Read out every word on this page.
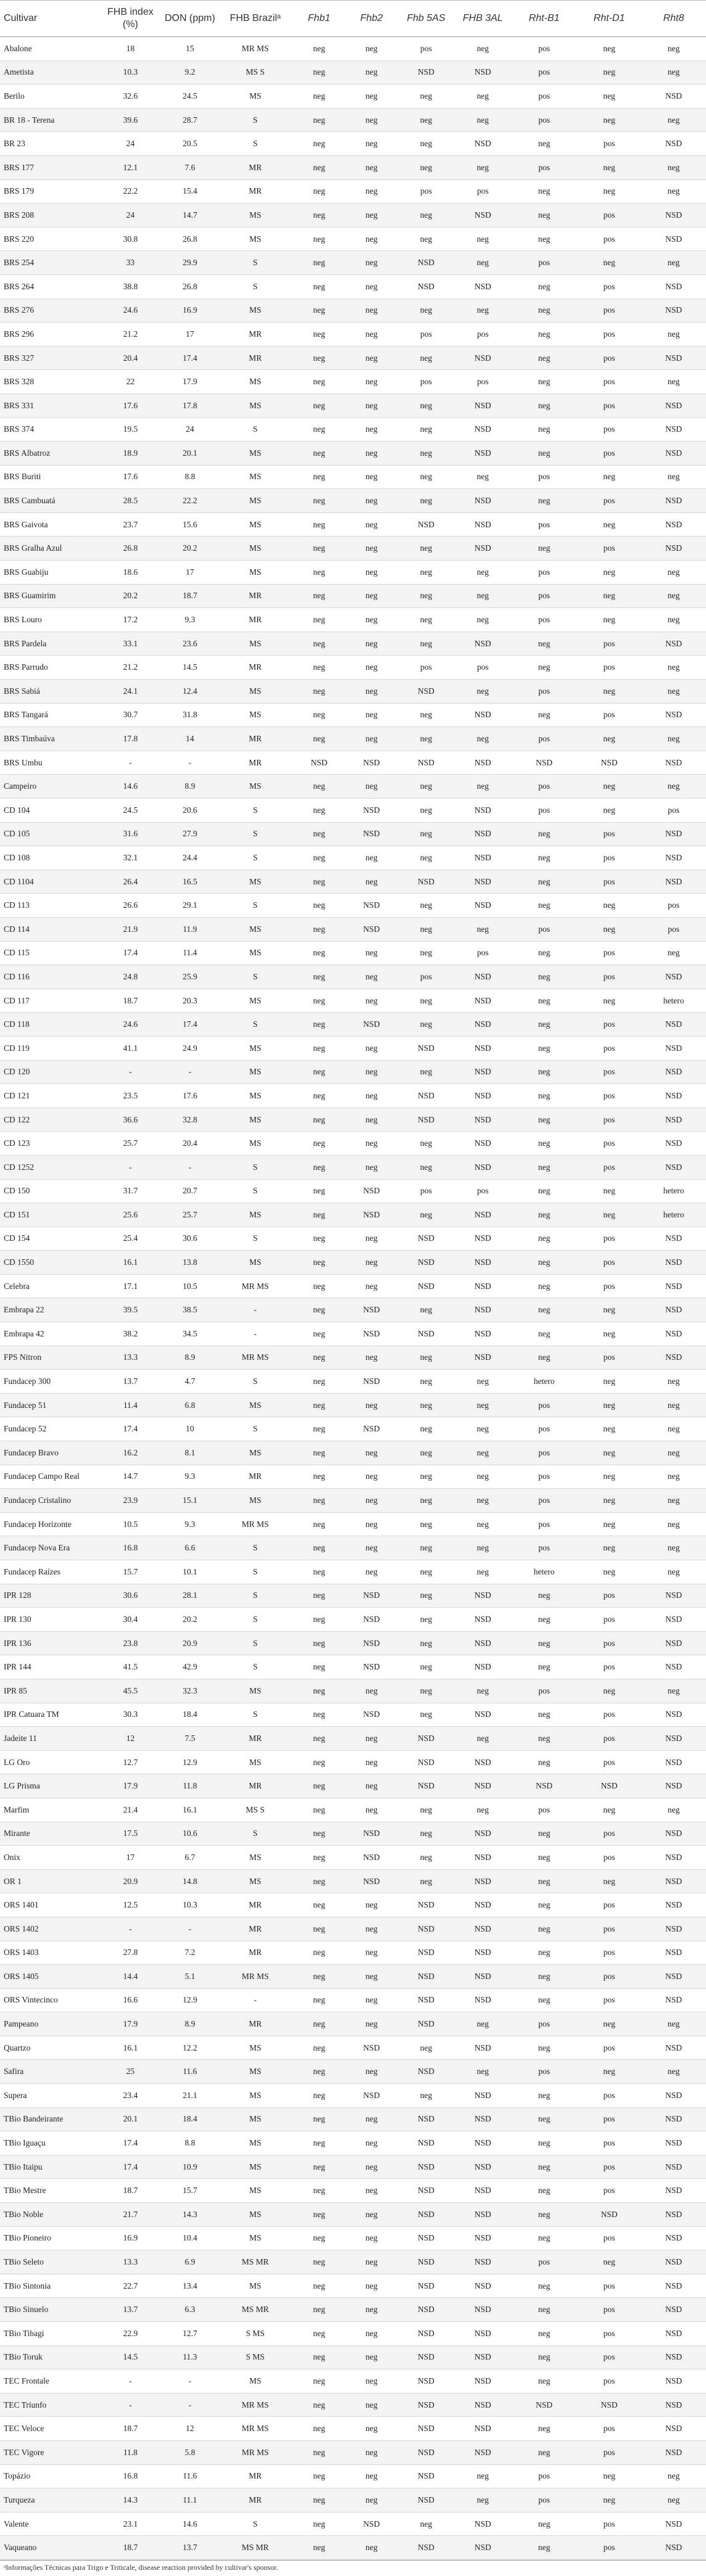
Cultivar	FHB index (%)	DON (ppm)	FHB Brazilᵃ	Fhb1	Fhb2	Fhb 5AS	FHB 3AL	Rht-B1	Rht-D1	Rht8
Abalone	18	15	MR MS	neg	neg	pos	neg	pos	neg	neg
Ametista	10.3	9.2	MS S	neg	neg	NSD	NSD	pos	neg	neg
Berilo	32.6	24.5	MS	neg	neg	neg	neg	pos	neg	NSD
BR 18 - Terena	39.6	28.7	S	neg	neg	neg	neg	pos	neg	neg
BR 23	24	20.5	S	neg	neg	neg	NSD	neg	pos	NSD
BRS 177	12.1	7.6	MR	neg	neg	neg	neg	pos	neg	neg
BRS 179	22.2	15.4	MR	neg	neg	pos	pos	neg	neg	neg
BRS 208	24	14.7	MS	neg	neg	neg	NSD	neg	pos	NSD
BRS 220	30.8	26.8	MS	neg	neg	neg	neg	neg	pos	NSD
BRS 254	33	29.9	S	neg	neg	NSD	neg	pos	neg	neg
BRS 264	38.8	26.8	S	neg	neg	NSD	NSD	neg	pos	NSD
BRS 276	24.6	16.9	MS	neg	neg	neg	neg	neg	pos	NSD
BRS 296	21.2	17	MR	neg	neg	pos	pos	neg	pos	neg
BRS 327	20.4	17.4	MR	neg	neg	neg	NSD	neg	pos	NSD
BRS 328	22	17.9	MS	neg	neg	pos	pos	neg	pos	neg
BRS 331	17.6	17.8	MS	neg	neg	neg	NSD	neg	pos	NSD
BRS 374	19.5	24	S	neg	neg	neg	NSD	neg	pos	NSD
BRS Albatroz	18.9	20.1	MS	neg	neg	neg	NSD	neg	pos	NSD
BRS Buriti	17.6	8.8	MS	neg	neg	neg	neg	pos	neg	neg
BRS Cambuatá	28.5	22.2	MS	neg	neg	neg	NSD	neg	pos	NSD
BRS Gaivota	23.7	15.6	MS	neg	neg	NSD	NSD	pos	neg	NSD
BRS Gralha Azul	26.8	20.2	MS	neg	neg	neg	NSD	neg	pos	NSD
BRS Guabiju	18.6	17	MS	neg	neg	neg	neg	pos	neg	neg
BRS Guamirim	20.2	18.7	MR	neg	neg	neg	neg	pos	neg	neg
BRS Louro	17.2	9.3	MR	neg	neg	neg	neg	pos	neg	neg
BRS Pardela	33.1	23.6	MS	neg	neg	neg	NSD	neg	pos	NSD
BRS Parrudo	21.2	14.5	MR	neg	neg	pos	pos	neg	pos	neg
BRS Sabiá	24.1	12.4	MS	neg	neg	NSD	neg	pos	neg	neg
BRS Tangará	30.7	31.8	MS	neg	neg	neg	NSD	neg	pos	NSD
BRS Timbaúva	17.8	14	MR	neg	neg	neg	neg	pos	neg	neg
BRS Umbu	-	-	MR	NSD	NSD	NSD	NSD	NSD	NSD	NSD
Campeiro	14.6	8.9	MS	neg	neg	neg	neg	pos	neg	neg
CD 104	24.5	20.6	S	neg	NSD	neg	NSD	pos	neg	pos
CD 105	31.6	27.9	S	neg	NSD	neg	NSD	neg	pos	NSD
CD 108	32.1	24.4	S	neg	neg	neg	NSD	neg	pos	NSD
CD 1104	26.4	16.5	MS	neg	neg	NSD	NSD	neg	pos	NSD
CD 113	26.6	29.1	S	neg	NSD	neg	NSD	neg	neg	pos
CD 114	21.9	11.9	MS	neg	NSD	neg	neg	pos	neg	pos
CD 115	17.4	11.4	MS	neg	neg	neg	pos	neg	pos	neg
CD 116	24.8	25.9	S	neg	neg	pos	NSD	neg	pos	NSD
CD 117	18.7	20.3	MS	neg	neg	neg	NSD	neg	neg	hetero
CD 118	24.6	17.4	S	neg	NSD	neg	NSD	neg	pos	NSD
CD 119	41.1	24.9	MS	neg	neg	NSD	NSD	neg	pos	NSD
CD 120	-	-	MS	neg	neg	neg	NSD	neg	pos	NSD
CD 121	23.5	17.6	MS	neg	neg	NSD	NSD	neg	pos	NSD
CD 122	36.6	32.8	MS	neg	neg	NSD	NSD	neg	pos	NSD
CD 123	25.7	20.4	MS	neg	neg	neg	NSD	neg	pos	NSD
CD 1252	-	-	S	neg	neg	neg	NSD	neg	pos	NSD
CD 150	31.7	20.7	S	neg	NSD	pos	pos	neg	neg	hetero
CD 151	25.6	25.7	MS	neg	NSD	neg	NSD	neg	neg	hetero
CD 154	25.4	30.6	S	neg	neg	NSD	NSD	neg	pos	NSD
CD 1550	16.1	13.8	MS	neg	neg	NSD	NSD	neg	pos	NSD
Celebra	17.1	10.5	MR MS	neg	neg	NSD	NSD	neg	pos	NSD
Embrapa 22	39.5	38.5	-	neg	NSD	neg	NSD	neg	neg	NSD
Embrapa 42	38.2	34.5	-	neg	NSD	NSD	NSD	neg	neg	NSD
FPS Nitron	13.3	8.9	MR MS	neg	neg	neg	NSD	neg	pos	NSD
Fundacep 300	13.7	4.7	S	neg	NSD	neg	neg	hetero	neg	neg
Fundacep 51	11.4	6.8	MS	neg	neg	neg	neg	pos	neg	neg
Fundacep 52	17.4	10	S	neg	NSD	neg	neg	pos	neg	neg
Fundacep Bravo	16.2	8.1	MS	neg	neg	neg	neg	pos	neg	neg
Fundacep Campo Real	14.7	9.3	MR	neg	neg	neg	neg	pos	neg	neg
Fundacep Cristalino	23.9	15.1	MS	neg	neg	neg	neg	pos	neg	neg
Fundacep Horizonte	10.5	9.3	MR MS	neg	neg	neg	neg	pos	neg	neg
Fundacep Nova Era	16.8	6.6	S	neg	neg	neg	neg	pos	neg	neg
Fundacep Raízes	15.7	10.1	S	neg	neg	neg	neg	hetero	neg	neg
IPR 128	30.6	28.1	S	neg	NSD	neg	NSD	neg	pos	NSD
IPR 130	30.4	20.2	S	neg	NSD	neg	NSD	neg	pos	NSD
IPR 136	23.8	20.9	S	neg	NSD	neg	NSD	neg	pos	NSD
IPR 144	41.5	42.9	S	neg	NSD	neg	NSD	neg	pos	NSD
IPR 85	45.5	32.3	MS	neg	neg	neg	neg	pos	neg	neg
IPR Catuara TM	30.3	18.4	S	neg	NSD	neg	NSD	neg	pos	NSD
Jadeite 11	12	7.5	MR	neg	neg	NSD	neg	neg	pos	NSD
LG Oro	12.7	12.9	MS	neg	neg	NSD	NSD	neg	pos	NSD
LG Prisma	17.9	11.8	MR	neg	neg	NSD	NSD	NSD	NSD	NSD
Marfim	21.4	16.1	MS S	neg	neg	neg	neg	pos	neg	neg
Mirante	17.5	10.6	S	neg	NSD	neg	NSD	neg	pos	NSD
Onix	17	6.7	MS	neg	NSD	neg	NSD	neg	pos	NSD
OR 1	20.9	14.8	MS	neg	NSD	neg	NSD	neg	neg	NSD
ORS 1401	12.5	10.3	MR	neg	neg	NSD	NSD	neg	pos	NSD
ORS 1402	-	-	MR	neg	neg	NSD	NSD	neg	pos	NSD
ORS 1403	27.8	7.2	MR	neg	neg	NSD	NSD	neg	pos	NSD
ORS 1405	14.4	5.1	MR MS	neg	neg	NSD	NSD	neg	pos	NSD
ORS Vintecinco	16.6	12.9	-	neg	neg	NSD	NSD	neg	pos	NSD
Pampeano	17.9	8.9	MR	neg	neg	NSD	neg	pos	neg	neg
Quartzo	16.1	12.2	MS	neg	NSD	neg	NSD	neg	pos	NSD
Safira	25	11.6	MS	neg	neg	NSD	neg	pos	neg	neg
Supera	23.4	21.1	MS	neg	NSD	neg	NSD	neg	pos	NSD
TBio Bandeirante	20.1	18.4	MS	neg	neg	NSD	NSD	neg	pos	NSD
TBio Iguaçu	17.4	8.8	MS	neg	neg	NSD	NSD	neg	pos	NSD
TBio Itaipu	17.4	10.9	MS	neg	neg	NSD	NSD	neg	pos	NSD
TBio Mestre	18.7	15.7	MS	neg	neg	NSD	NSD	neg	pos	NSD
TBio Noble	21.7	14.3	MS	neg	neg	NSD	NSD	neg	NSD	NSD
TBio Pioneiro	16.9	10.4	MS	neg	neg	NSD	NSD	neg	pos	NSD
TBio Seleto	13.3	6.9	MS MR	neg	neg	NSD	NSD	pos	neg	NSD
TBio Sintonia	22.7	13.4	MS	neg	neg	NSD	NSD	neg	pos	NSD
TBio Sinuelo	13.7	6.3	MS MR	neg	neg	NSD	NSD	neg	pos	NSD
TBio Tibagi	22.9	12.7	S MS	neg	neg	NSD	NSD	neg	pos	NSD
TBio Toruk	14.5	11.3	S MS	neg	neg	NSD	NSD	neg	pos	NSD
TEC Frontale	-	-	MS	neg	neg	NSD	NSD	neg	pos	NSD
TEC Triunfo	-	-	MR MS	neg	neg	NSD	NSD	NSD	NSD	NSD
TEC Veloce	18.7	12	MR MS	neg	neg	NSD	NSD	neg	pos	NSD
TEC Vigore	11.8	5.8	MR MS	neg	neg	NSD	NSD	neg	pos	NSD
Topázio	16.8	11.6	MR	neg	neg	NSD	neg	pos	neg	neg
Turqueza	14.3	11.1	MR	neg	neg	NSD	neg	pos	neg	neg
Valente	23.1	14.6	S	neg	NSD	neg	NSD	neg	pos	NSD
Vaqueano	18.7	13.7	MS MR	neg	neg	NSD	NSD	neg	pos	NSD
ᵃInformações Técnicas para Trigo e Triticale, disease reaction provided by cultivar's sponsor.
